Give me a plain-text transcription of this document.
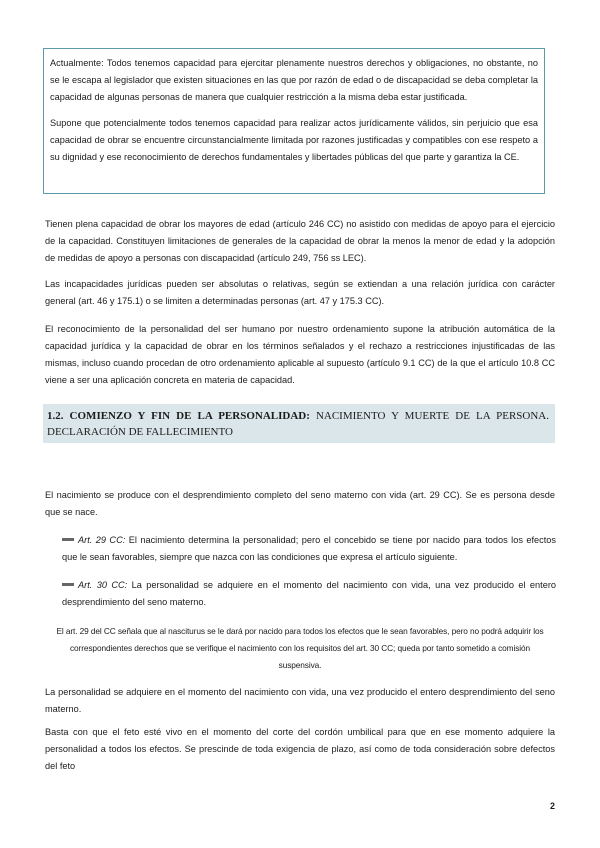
Actualmente: Todos tenemos capacidad para ejercitar plenamente nuestros derechos y obligaciones, no obstante, no se le escapa al legislador que existen situaciones en las que por razón de edad o de discapacidad se deba completar la capacidad de algunas personas de manera que cualquier restricción a la misma deba estar justificada.

Supone que potencialmente todos tenemos capacidad para realizar actos jurídicamente válidos, sin perjuicio que esa capacidad de obrar se encuentre circunstancialmente limitada por razones justificadas y compatibles con ese respeto a su dignidad y ese reconocimiento de derechos fundamentales y libertades públicas del que parte y garantiza la CE.

Tienen plena capacidad de obrar los mayores de edad (artículo 246 CC) no asistido con medidas de apoyo para el ejercicio de la capacidad. Constituyen limitaciones de generales de la capacidad de obrar la menos la menor de edad y la adopción de medidas de apoyo a personas con discapacidad (artículo 249, 756 ss LEC).

Las incapacidades jurídicas pueden ser absolutas o relativas, según se extiendan a una relación jurídica con carácter general (art. 46 y 175.1) o se limiten a determinadas personas (art. 47 y 175.3 CC).

El reconocimiento de la personalidad del ser humano por nuestro ordenamiento supone la atribución automática de la capacidad jurídica y la capacidad de obrar en los términos señalados y el rechazo a restricciones injustificadas de las mismas, incluso cuando procedan de otro ordenamiento aplicable al supuesto (artículo 9.1 CC) de la que el artículo 10.8 CC viene a ser una aplicación concreta en materia de capacidad.

1.2. COMIENZO Y FIN DE LA PERSONALIDAD: NACIMIENTO Y MUERTE DE LA PERSONA. DECLARACIÓN DE FALLECIMIENTO

El nacimiento se produce con el desprendimiento completo del seno materno con vida (art. 29 CC). Se es persona desde que se nace.

Art. 29 CC: El nacimiento determina la personalidad; pero el concebido se tiene por nacido para todos los efectos que le sean favorables, siempre que nazca con las condiciones que expresa el artículo siguiente.

Art. 30 CC: La personalidad se adquiere en el momento del nacimiento con vida, una vez producido el entero desprendimiento del seno materno.

El art. 29 del CC señala que al nasciturus se le dará por nacido para todos los efectos que le sean favorables, pero no podrá adquirir los correspondientes derechos que se verifique el nacimiento con los requisitos del art. 30 CC; queda por tanto sometido a comisión suspensiva.

La personalidad se adquiere en el momento del nacimiento con vida, una vez producido el entero desprendimiento del seno materno.

Basta con que el feto esté vivo en el momento del corte del cordón umbilical para que en ese momento adquiere la personalidad a todos los efectos. Se prescinde de toda exigencia de plazo, así como de toda consideración sobre defectos del feto

2
